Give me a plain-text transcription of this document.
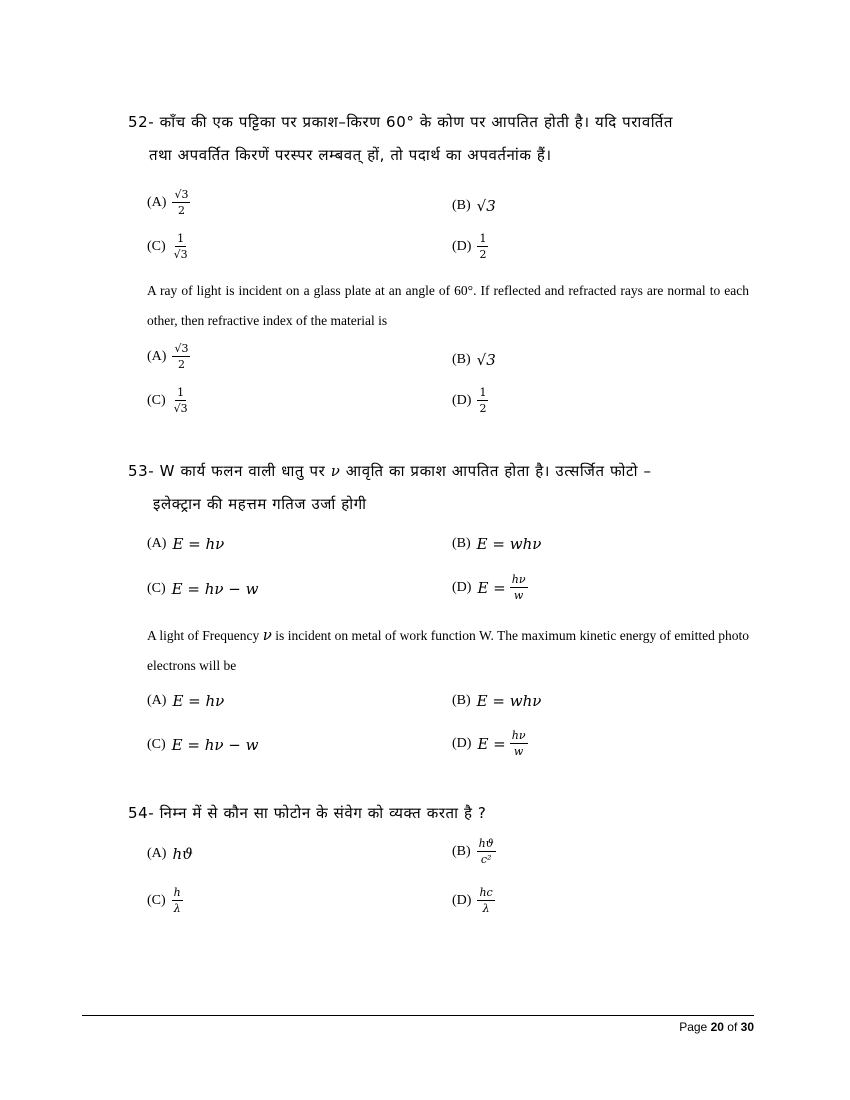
52- काँच की एक पट्टिका पर प्रकाश–किरण 60° के कोण पर आपतित होती है। यदि परावर्तित
तथा अपवर्तित किरणें परस्पर लम्बवत् हों, तो पदार्थ का अपवर्तनांक हैं।
$(A) \frac{√3}{2}$	(B) √3
$(C) \frac{1}{√3}$	$(D) \frac{1}{2}$
A ray of light is incident on a glass plate at an angle of 60°. If reflected and refracted rays are normal to each other, then refractive index of the material is
$(A) \frac{√3}{2}$	(B) √3
$(C) \frac{1}{√3}$	$(D) \frac{1}{2}$
53- W कार्य फलन वाली धातु पर ν आवृति का प्रकाश आपतित होता है। उत्सर्जित फोटो –
इलेक्ट्रान की महत्तम गतिज उर्जा होगी
(A) E = hν	(B) E = whν
(C) E = hν − w	(D) $E = \frac{h\nu}{w}$
A light of Frequency ν is incident on metal of work function W. The maximum kinetic energy of emitted photo electrons will be
(A) E = hν	(B) E = whν
(C) E = hν − w	(D) $E = \frac{h\nu}{w}$
54- निम्न में से कौन सा फोटोन के संवेग को व्यक्त करता है ?
(A) hϑ	$(B) \frac{hϑ}{\text{c²}}$
$(C) \frac{h}{\lambda}$	$(D) \frac{hc}{\lambda}$
Page 20 of 30
